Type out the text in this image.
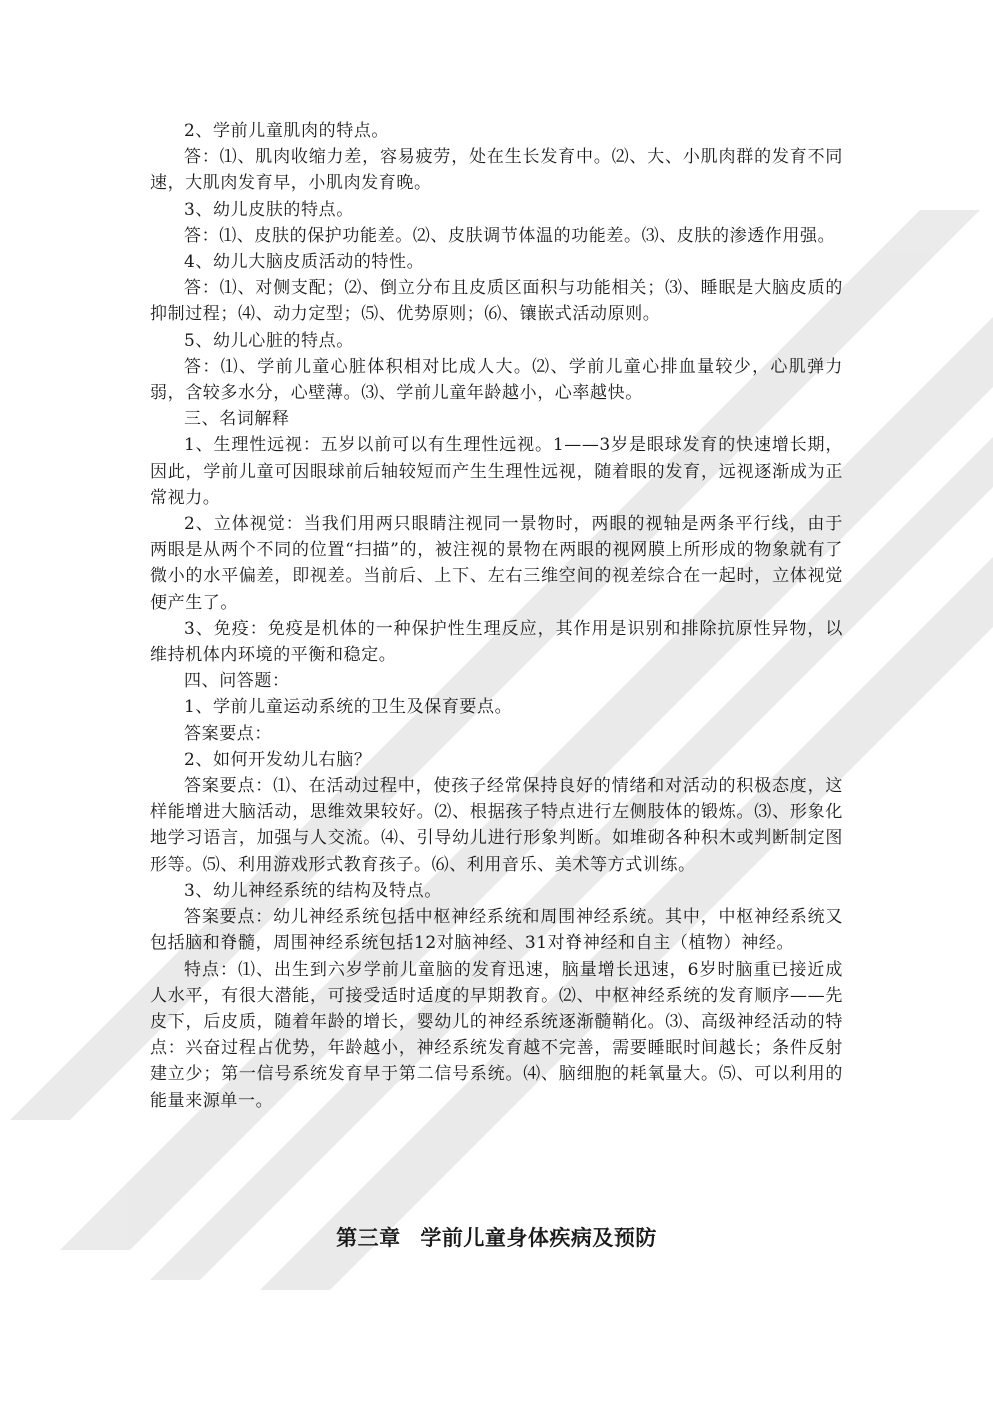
2、学前儿童肌肉的特点。

答：⑴、肌肉收缩力差，容易疲劳，处在生长发育中。⑵、大、小肌肉群的发育不同速，大肌肉发育早，小肌肉发育晚。

3、幼儿皮肤的特点。

答：⑴、皮肤的保护功能差。⑵、皮肤调节体温的功能差。⑶、皮肤的渗透作用强。

4、幼儿大脑皮质活动的特性。

答：⑴、对侧支配；⑵、倒立分布且皮质区面积与功能相关；⑶、睡眠是大脑皮质的抑制过程；⑷、动力定型；⑸、优势原则；⑹、镶嵌式活动原则。

5、幼儿心脏的特点。

答：⑴、学前儿童心脏体积相对比成人大。⑵、学前儿童心排血量较少，心肌弹力弱，含较多水分，心壁薄。⑶、学前儿童年龄越小，心率越快。

三、名词解释

1、生理性远视：五岁以前可以有生理性远视。1——3岁是眼球发育的快速增长期，因此，学前儿童可因眼球前后轴较短而产生生理性远视，随着眼的发育，远视逐渐成为正常视力。

2、立体视觉：当我们用两只眼睛注视同一景物时，两眼的视轴是两条平行线，由于两眼是从两个不同的位置“扫描”的，被注视的景物在两眼的视网膜上所形成的物象就有了微小的水平偏差，即视差。当前后、上下、左右三维空间的视差综合在一起时，立体视觉便产生了。

3、免疫：免疫是机体的一种保护性生理反应，其作用是识别和排除抗原性异物，以维持机体内环境的平衡和稳定。

四、问答题：

1、学前儿童运动系统的卫生及保育要点。

答案要点：

2、如何开发幼儿右脑？

答案要点：⑴、在活动过程中，使孩子经常保持良好的情绪和对活动的积极态度，这样能增进大脑活动，思维效果较好。⑵、根据孩子特点进行左侧肢体的锻炼。⑶、形象化地学习语言，加强与人交流。⑷、引导幼儿进行形象判断。如堆砌各种积木或判断制定图形等。⑸、利用游戏形式教育孩子。⑹、利用音乐、美术等方式训练。

3、幼儿神经系统的结构及特点。

答案要点：幼儿神经系统包括中枢神经系统和周围神经系统。其中，中枢神经系统又包括脑和脊髓，周围神经系统包括12对脑神经、31对脊神经和自主（植物）神经。

特点：⑴、出生到六岁学前儿童脑的发育迅速，脑量增长迅速，6岁时脑重已接近成人水平，有很大潜能，可接受适时适度的早期教育。⑵、中枢神经系统的发育顺序——先皮下，后皮质，随着年龄的增长，婴幼儿的神经系统逐渐髓鞘化。⑶、高级神经活动的特点：兴奋过程占优势，年龄越小，神经系统发育越不完善，需要睡眠时间越长；条件反射建立少；第一信号系统发育早于第二信号系统。⑷、脑细胞的耗氧量大。⑸、可以利用的能量来源单一。

第三章 学前儿童身体疾病及预防
